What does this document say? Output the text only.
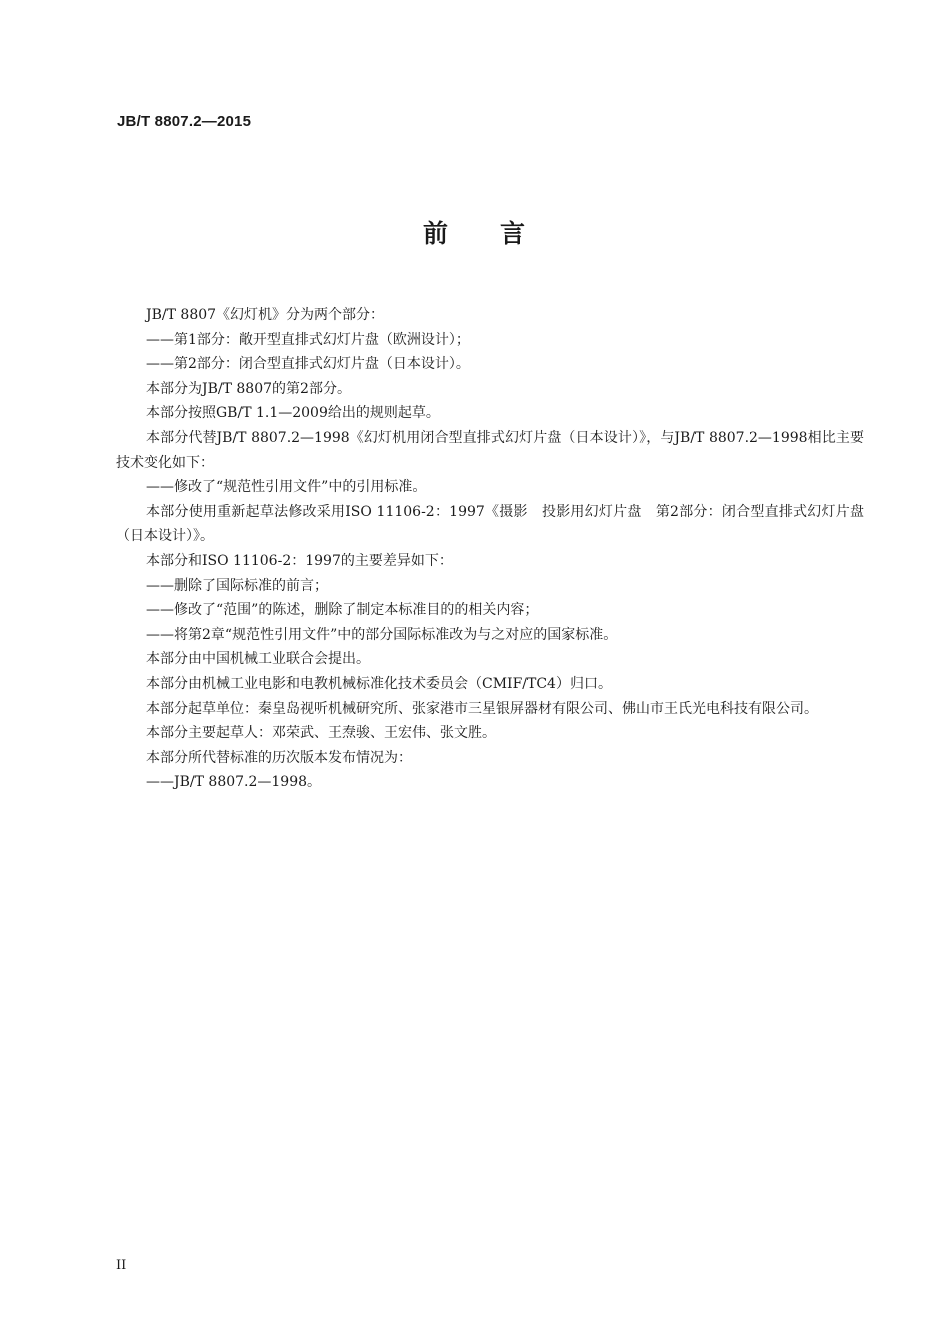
JB/T 8807.2—2015
前 言

JB/T 8807《幻灯机》分为两个部分：

——第1部分：敞开型直排式幻灯片盘（欧洲设计）；

——第2部分：闭合型直排式幻灯片盘（日本设计）。

本部分为JB/T 8807的第2部分。

本部分按照GB/T 1.1—2009给出的规则起草。

本部分代替JB/T 8807.2—1998《幻灯机用闭合型直排式幻灯片盘（日本设计）》，与JB/T 8807.2—1998相比主要技术变化如下：

——修改了“规范性引用文件”中的引用标准。

本部分使用重新起草法修改采用ISO 11106-2：1997《摄影　投影用幻灯片盘　第2部分：闭合型直排式幻灯片盘（日本设计）》。

本部分和ISO 11106-2：1997的主要差异如下：

——删除了国际标准的前言；

——修改了“范围”的陈述，删除了制定本标准目的的相关内容；

——将第2章“规范性引用文件”中的部分国际标准改为与之对应的国家标准。

本部分由中国机械工业联合会提出。

本部分由机械工业电影和电教机械标准化技术委员会（CMIF/TC4）归口。

本部分起草单位：秦皇岛视听机械研究所、张家港市三星银屏器材有限公司、佛山市王氏光电科技有限公司。

本部分主要起草人：邓荣武、王焘骏、王宏伟、张文胜。

本部分所代替标准的历次版本发布情况为：

——JB/T 8807.2—1998。

II
